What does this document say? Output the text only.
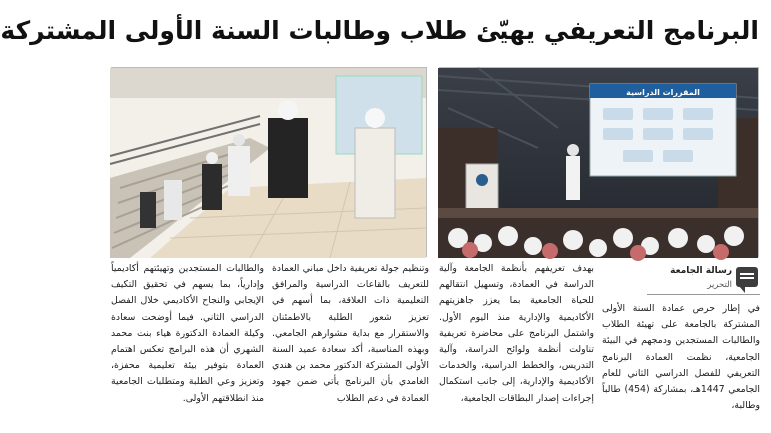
البرنامج التعريفي يهيّئ طلاب وطالبات السنة الأولى المشتركة
المقررات الدراسية
رسالة الجامعة
التحرير

في إطار حرص عمادة السنة الأولى المشتركة بالجامعة على تهيئة الطلاب والطالبات المستجدين ودمجهم في البيئة الجامعية، نظمت العمادة البرنامج التعريفي للفصل الدراسي الثاني للعام الجامعي 1447هـ، بمشاركة (454) طالباً وطالبة،

بهدف تعريفهم بأنظمة الجامعة وآلية الدراسة في العمادة، وتسهيل انتقالهم للحياة الجامعية بما يعزز جاهزيتهم الأكاديمية والإدارية منذ اليوم الأول. واشتمل البرنامج على محاضرة تعريفية تناولت أنظمة ولوائح الدراسة، وآلية التدريس، والخطط الدراسية، والخدمات الأكاديمية والإدارية، إلى جانب استكمال إجراءات إصدار البطاقات الجامعية،

وتنظيم جولة تعريفية داخل مباني العمادة للتعريف بالقاعات الدراسية والمرافق التعليمية ذات العلاقة، بما أسهم في تعزيز شعور الطلبة بالاطمئنان والاستقرار مع بداية مشوارهم الجامعي. وبهذه المناسبة، أكد سعادة عميد السنة الأولى المشتركة الدكتور محمد بن هندي الغامدي بأن البرنامج يأتي ضمن جهود العمادة في دعم الطلاب

والطالبات المستجدين وتهيئتهم أكاديمياً وإدارياً، بما يسهم في تحقيق التكيف الإيجابي والنجاح الأكاديمي خلال الفصل الدراسي الثاني. فيما أوضحت سعادة وكيلة العمادة الدكتورة هياء بنت محمد الشهري أن هذه البرامج تعكس اهتمام العمادة بتوفير بيئة تعليمية محفزة، وتعزيز وعي الطلبة ومتطلبات الجامعية منذ انطلاقتهم الأولى.
